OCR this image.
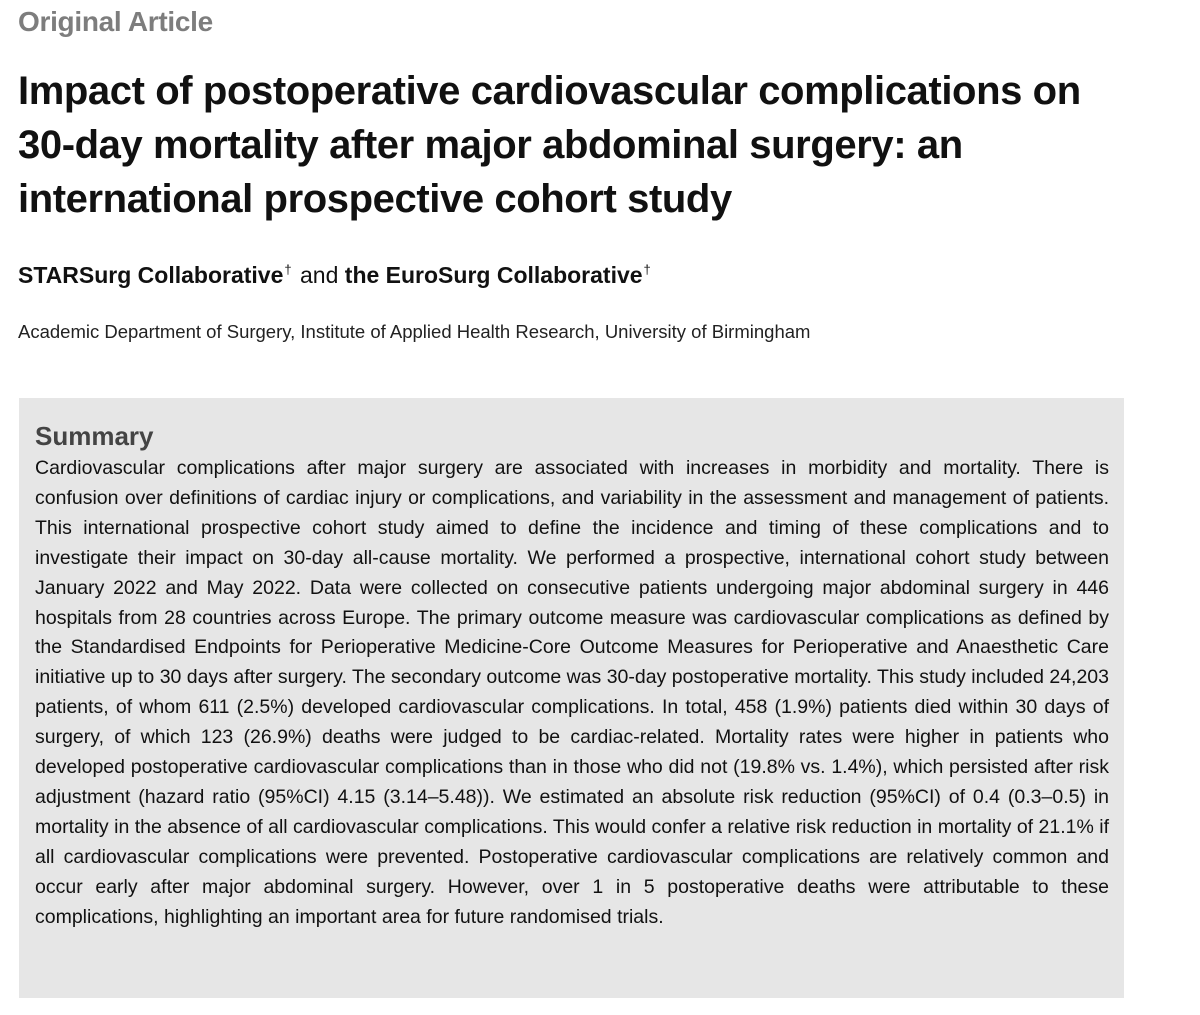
Original Article
Impact of postoperative cardiovascular complications on 30-day mortality after major abdominal surgery: an international prospective cohort study
STARSurg Collaborative† and the EuroSurg Collaborative†
Academic Department of Surgery, Institute of Applied Health Research, University of Birmingham
Summary

Cardiovascular complications after major surgery are associated with increases in morbidity and mortality. There is confusion over definitions of cardiac injury or complications, and variability in the assessment and management of patients. This international prospective cohort study aimed to define the incidence and timing of these complications and to investigate their impact on 30-day all-cause mortality. We performed a prospective, international cohort study between January 2022 and May 2022. Data were collected on consecutive patients undergoing major abdominal surgery in 446 hospitals from 28 countries across Europe. The primary outcome measure was cardiovascular complications as defined by the Standardised Endpoints for Perioperative Medicine-Core Outcome Measures for Perioperative and Anaesthetic Care initiative up to 30 days after surgery. The secondary outcome was 30-day postoperative mortality. This study included 24,203 patients, of whom 611 (2.5%) developed cardiovascular complications. In total, 458 (1.9%) patients died within 30 days of surgery, of which 123 (26.9%) deaths were judged to be cardiac-related. Mortality rates were higher in patients who developed postoperative cardiovascular complications than in those who did not (19.8% vs. 1.4%), which persisted after risk adjustment (hazard ratio (95%CI) 4.15 (3.14–5.48)). We estimated an absolute risk reduction (95%CI) of 0.4 (0.3–0.5) in mortality in the absence of all cardiovascular complications. This would confer a relative risk reduction in mortality of 21.1% if all cardiovascular complications were prevented. Postoperative cardiovascular complications are relatively common and occur early after major abdominal surgery. However, over 1 in 5 postoperative deaths were attributable to these complications, highlighting an important area for future randomised trials.
